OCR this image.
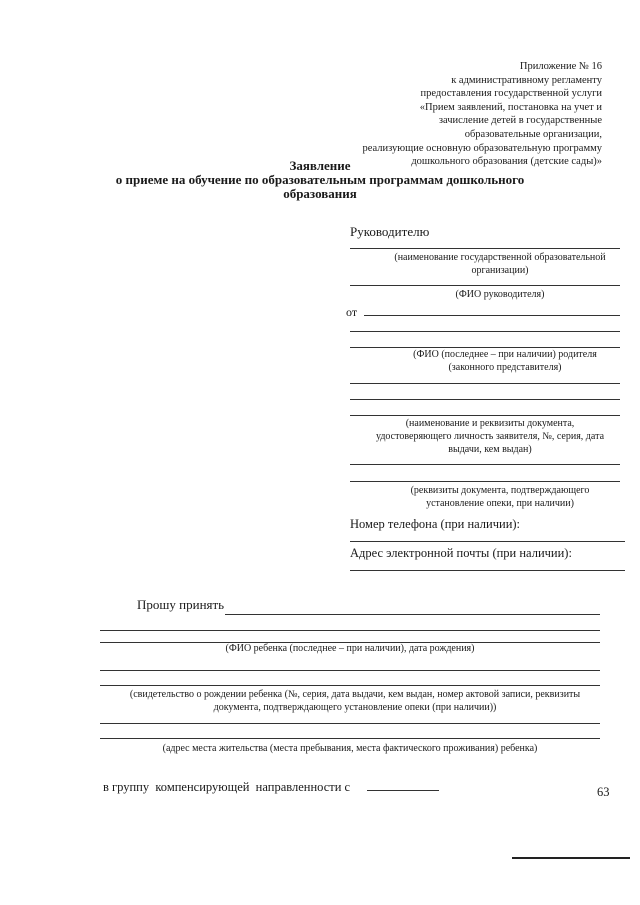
Приложение № 16
к административному регламенту
предоставления государственной услуги
«Прием заявлений, постановка на учет и
зачисление детей в государственные
образовательные организации,
реализующие основную образовательную программу
дошкольного образования (детские сады)»
Заявление
о приеме на обучение по образовательным программам дошкольного
образования
Руководителю
(наименование государственной образовательной
организации)
(ФИО руководителя)
от
(ФИО (последнее – при наличии) родителя
(законного представителя)
(наименование и реквизиты документа,
удостоверяющего личность заявителя, №, серия, дата
выдачи, кем выдан)
(реквизиты документа, подтверждающего
установление опеки, при наличии)
Номер телефона (при наличии):
Адрес электронной почты (при наличии):
Прошу принять
(ФИО ребенка (последнее – при наличии), дата рождения)
(свидетельство о рождении ребенка (№, серия, дата выдачи, кем выдан, номер актовой записи, реквизиты
документа, подтверждающего установление опеки (при наличии))
(адрес места жительства (места пребывания, места фактического проживания) ребенка)
в группу  компенсирующей  направленности с	63
